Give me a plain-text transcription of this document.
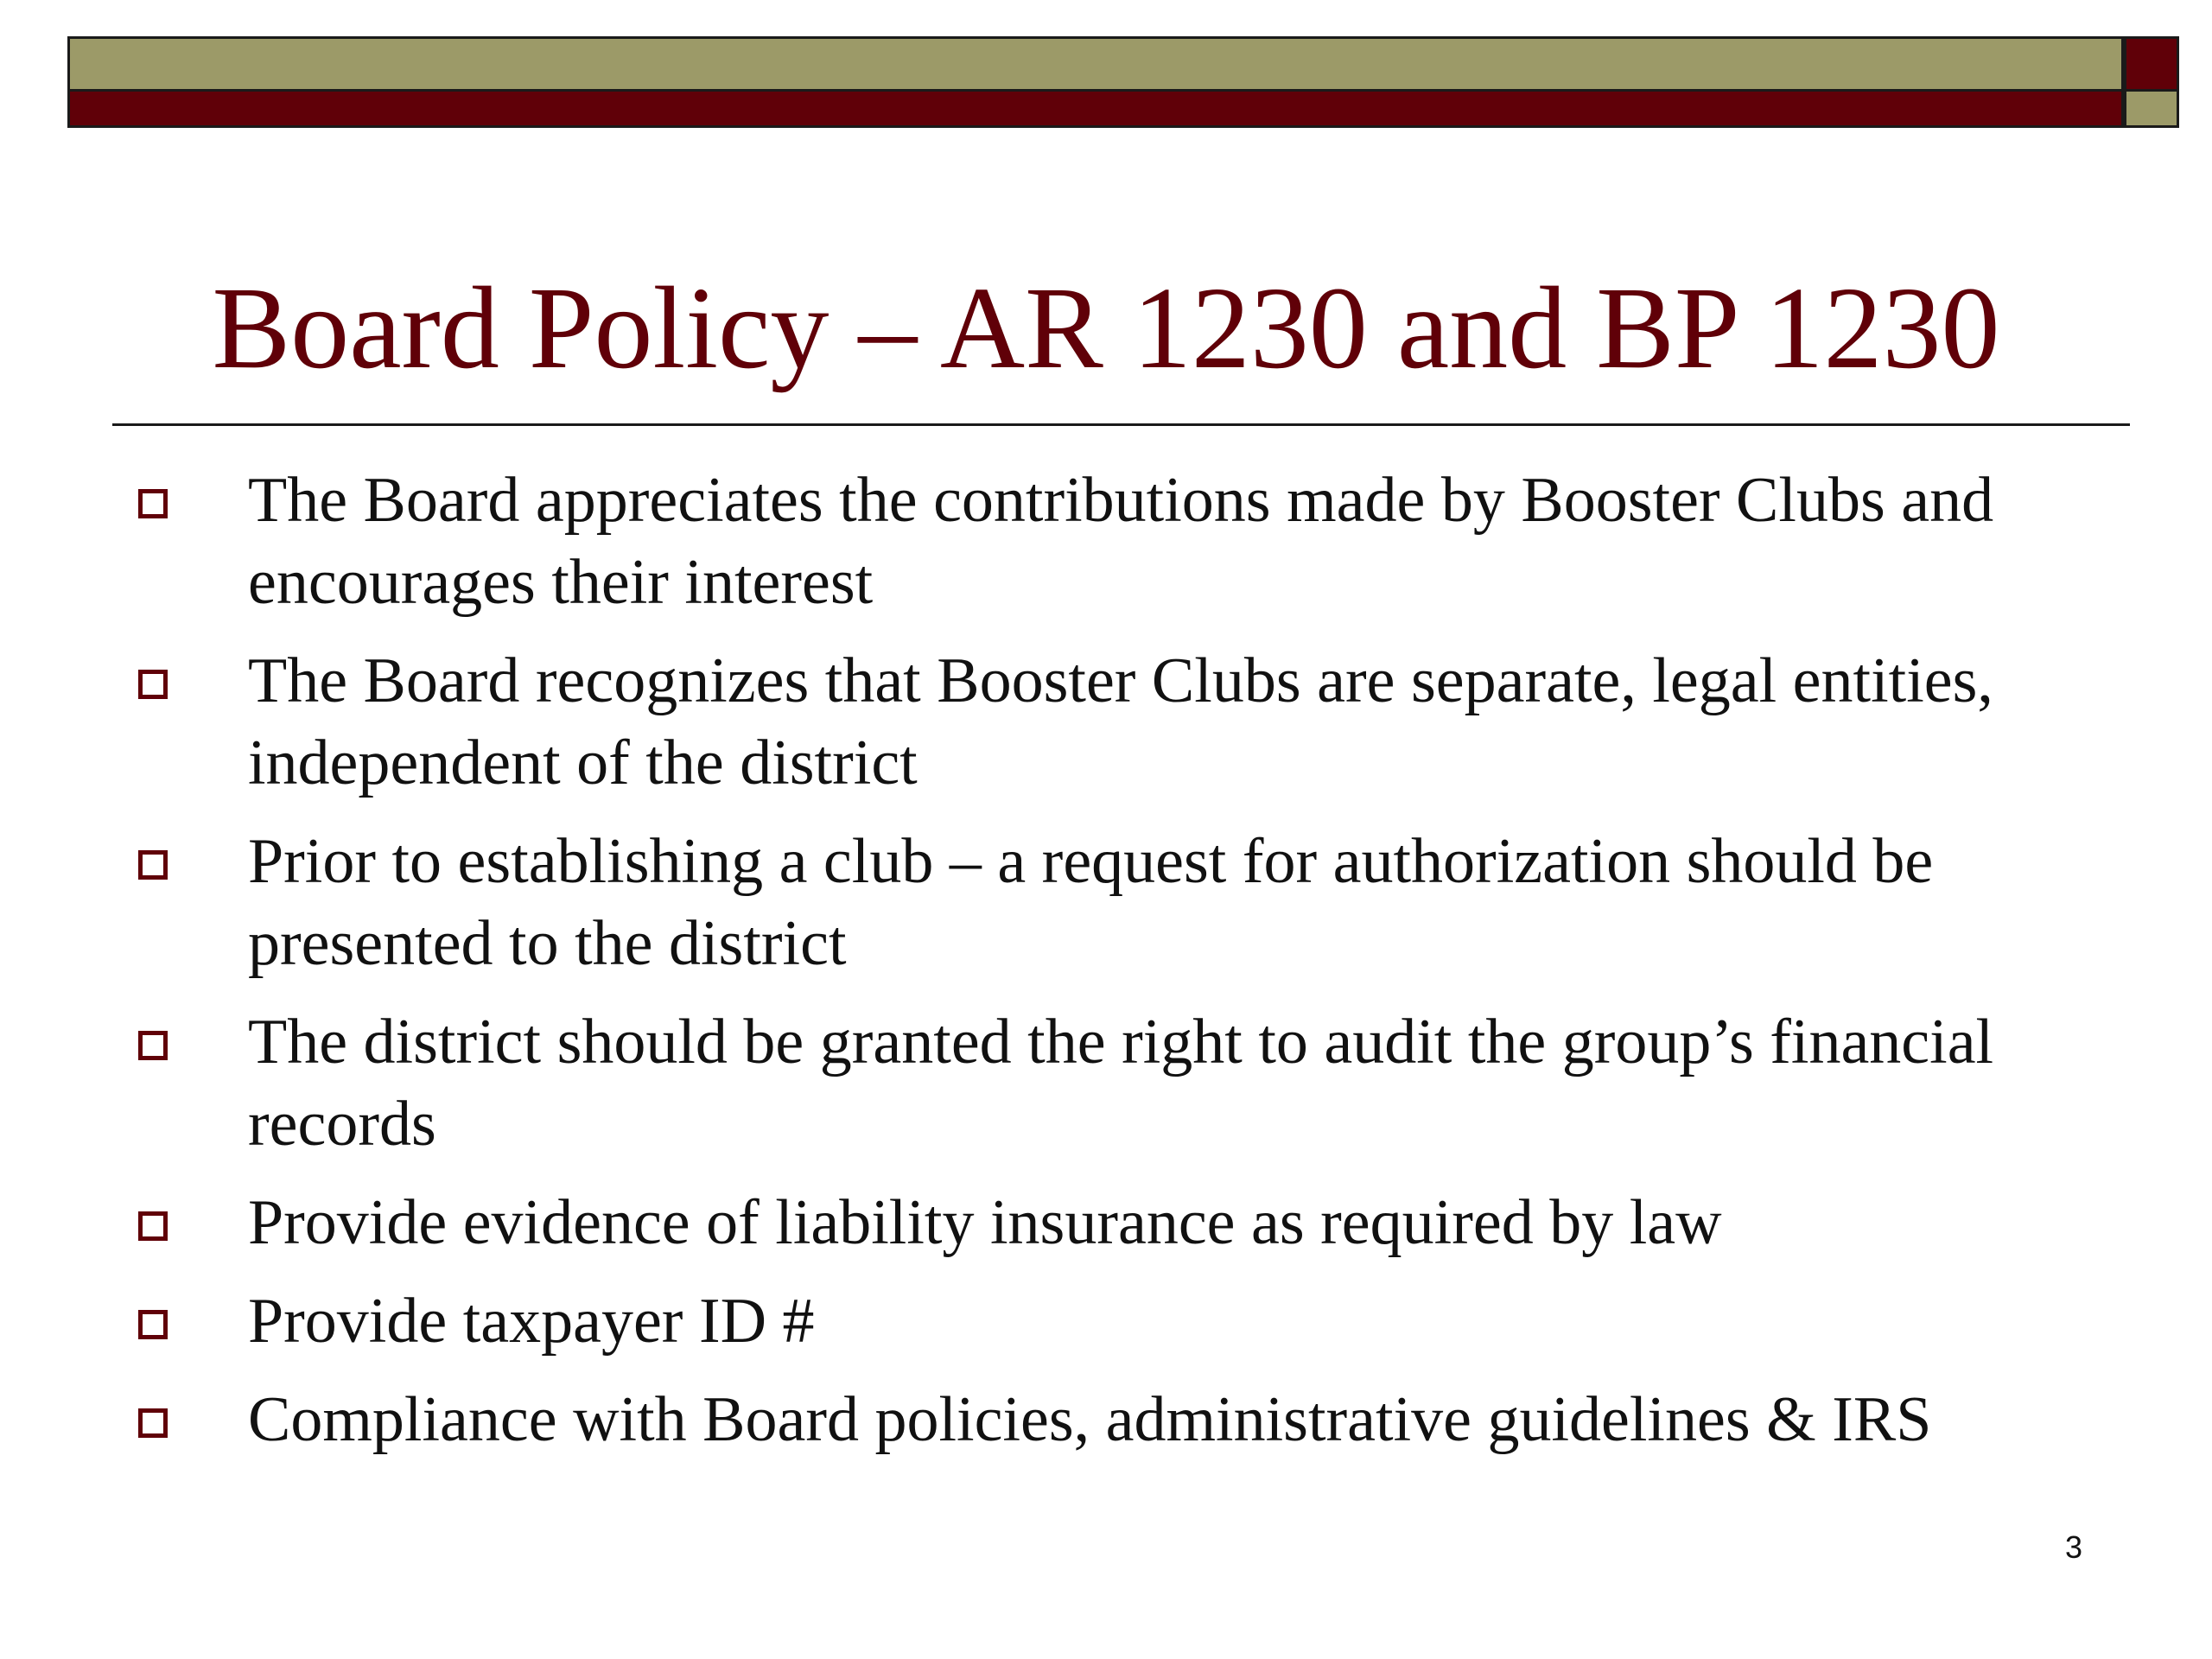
Board Policy – AR 1230 and BP 1230
The Board appreciates the contributions made by Booster Clubs and encourages their interest
The Board recognizes that Booster Clubs are separate, legal entities, independent of the district
Prior to establishing a club – a request for authorization should be presented to the district
The district should be granted the right to audit the group’s financial records
Provide evidence of liability insurance as required by law
Provide taxpayer ID #
Compliance with Board policies, administrative guidelines & IRS
3
